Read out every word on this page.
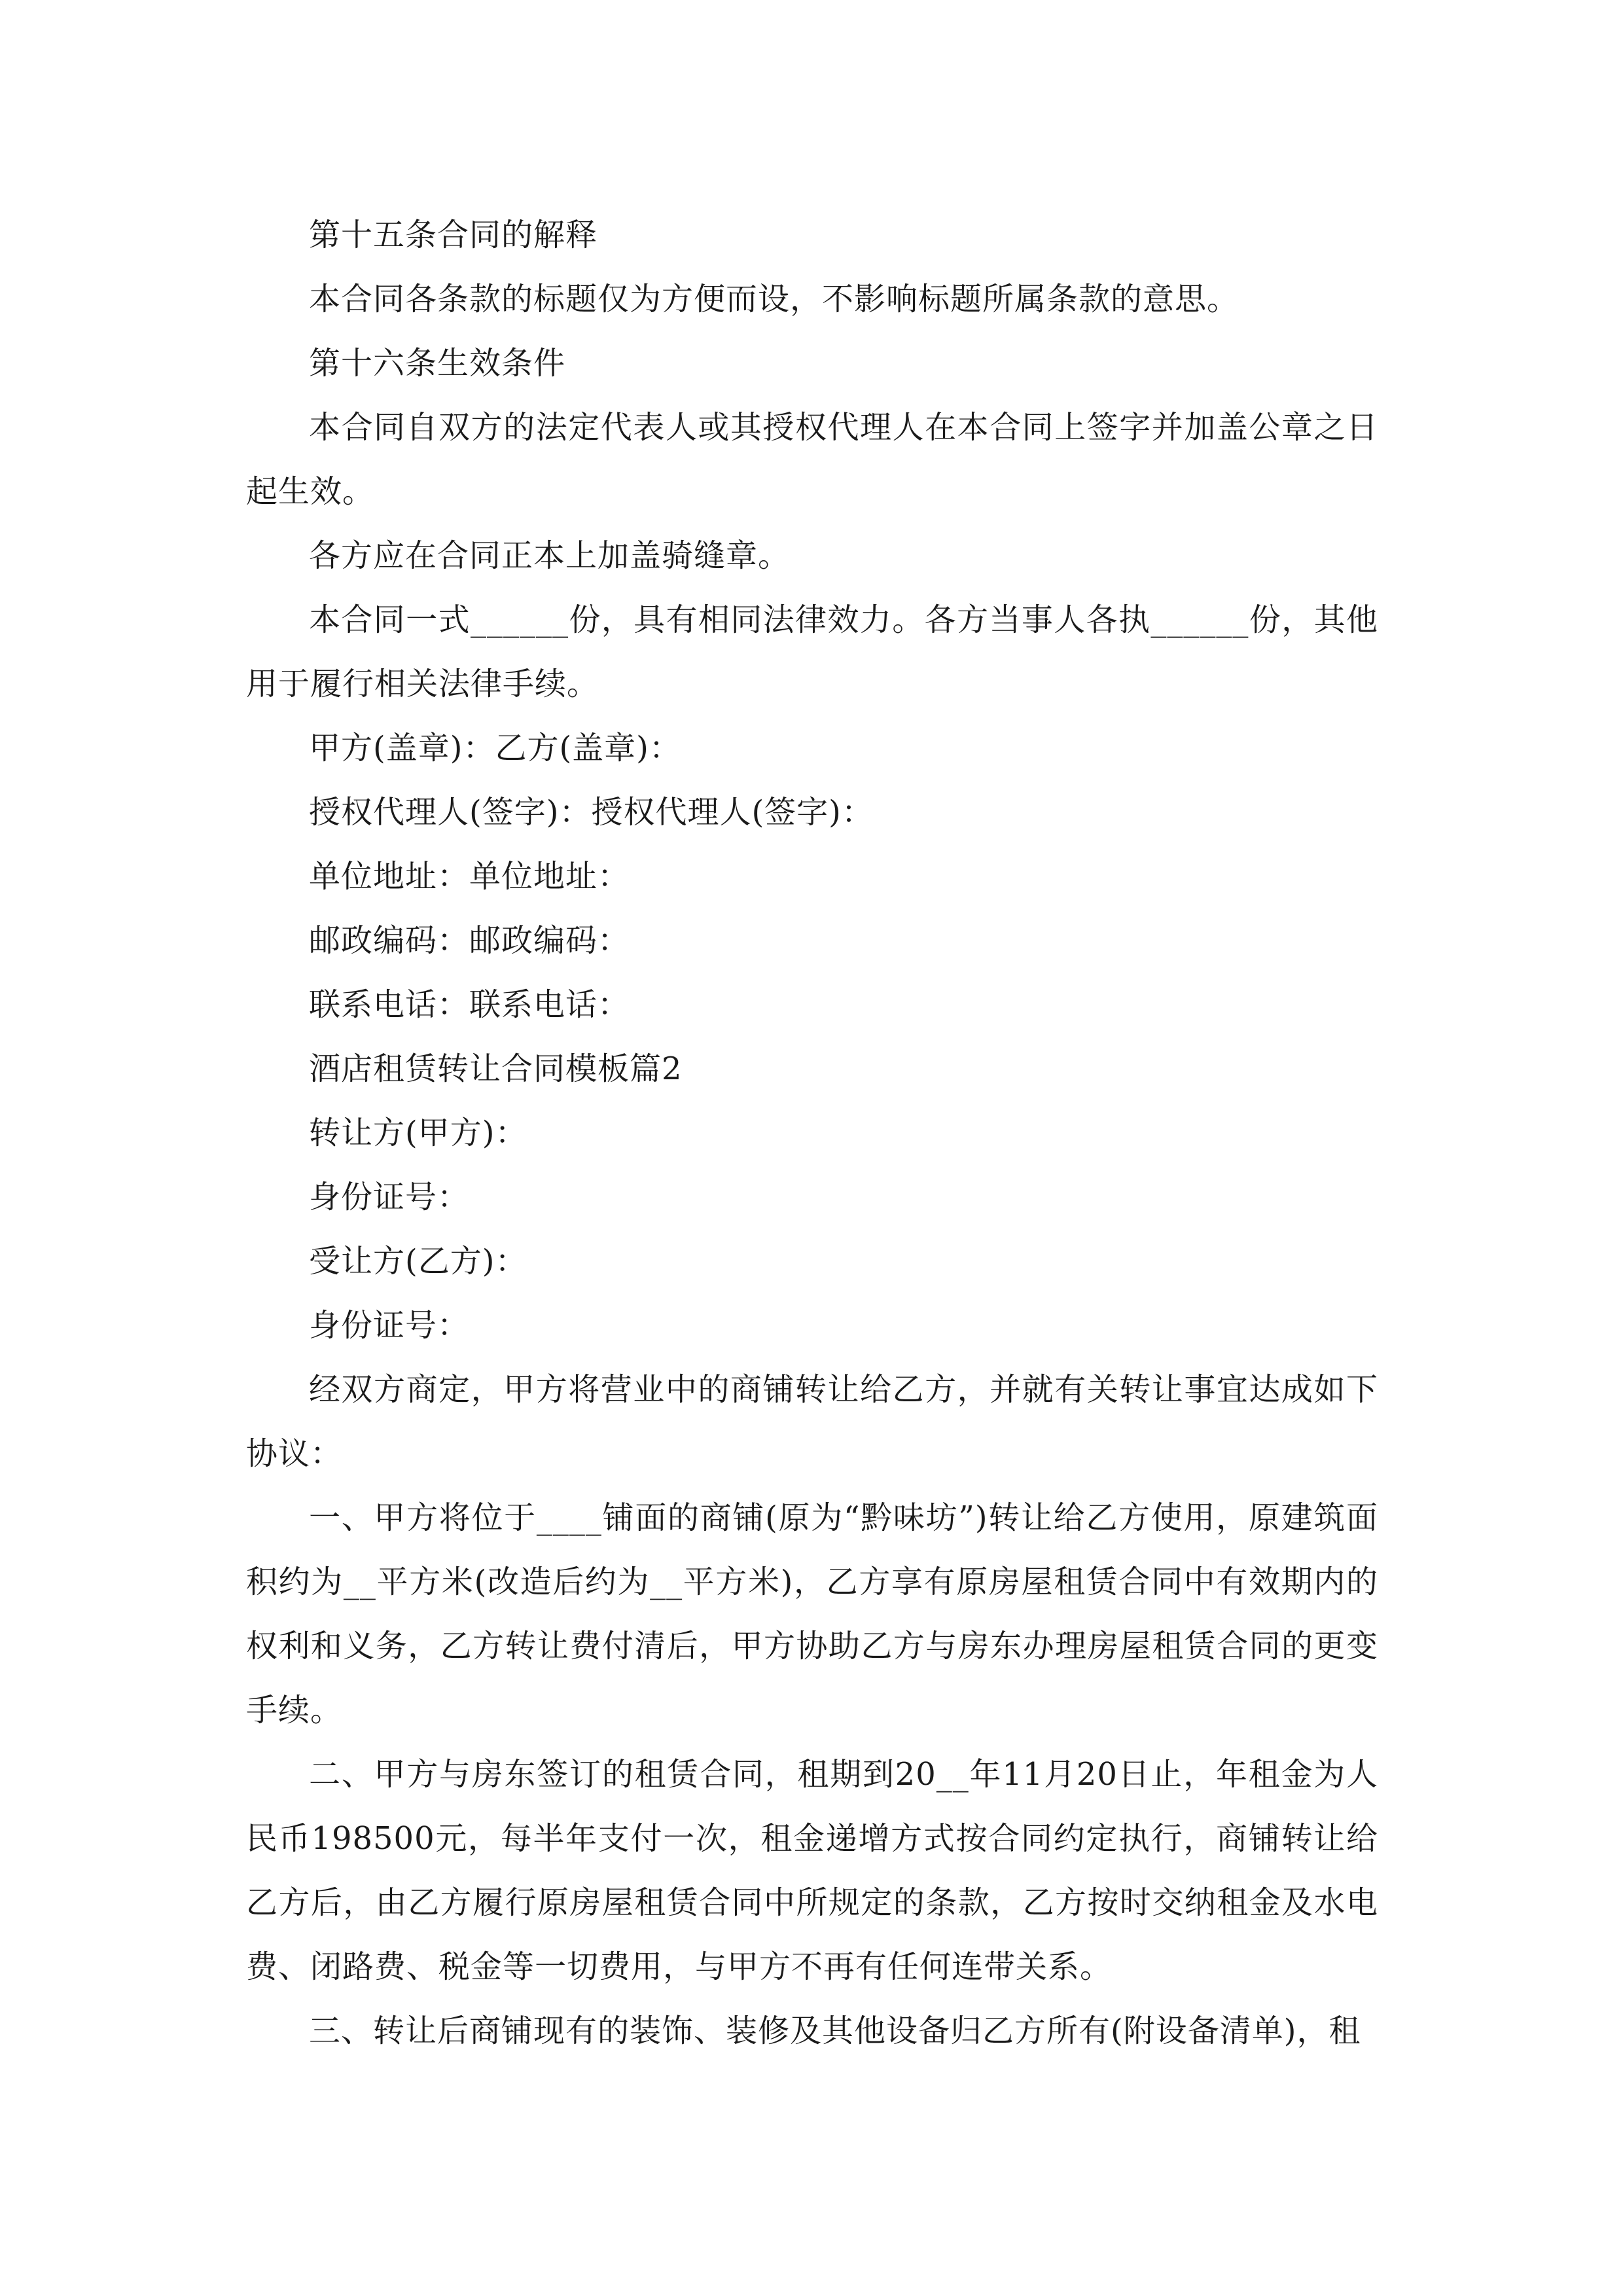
第十五条合同的解释

本合同各条款的标题仅为方便而设，不影响标题所属条款的意思。

第十六条生效条件

本合同自双方的法定代表人或其授权代理人在本合同上签字并加盖公章之日起生效。

各方应在合同正本上加盖骑缝章。

本合同一式______份，具有相同法律效力。各方当事人各执______份，其他用于履行相关法律手续。

甲方(盖章)：乙方(盖章)：

授权代理人(签字)：授权代理人(签字)：

单位地址：单位地址：

邮政编码：邮政编码：

联系电话：联系电话：

酒店租赁转让合同模板篇2

转让方(甲方)：

身份证号：

受让方(乙方)：

身份证号：

经双方商定，甲方将营业中的商铺转让给乙方，并就有关转让事宜达成如下协议：

一、甲方将位于____铺面的商铺(原为“黔味坊”)转让给乙方使用，原建筑面积约为__平方米(改造后约为__平方米)，乙方享有原房屋租赁合同中有效期内的权利和义务，乙方转让费付清后，甲方协助乙方与房东办理房屋租赁合同的更变手续。

二、甲方与房东签订的租赁合同，租期到20__年11月20日止，年租金为人民币198500元，每半年支付一次，租金递增方式按合同约定执行，商铺转让给乙方后，由乙方履行原房屋租赁合同中所规定的条款，乙方按时交纳租金及水电费、闭路费、税金等一切费用，与甲方不再有任何连带关系。

三、转让后商铺现有的装饰、装修及其他设备归乙方所有(附设备清单)，租
